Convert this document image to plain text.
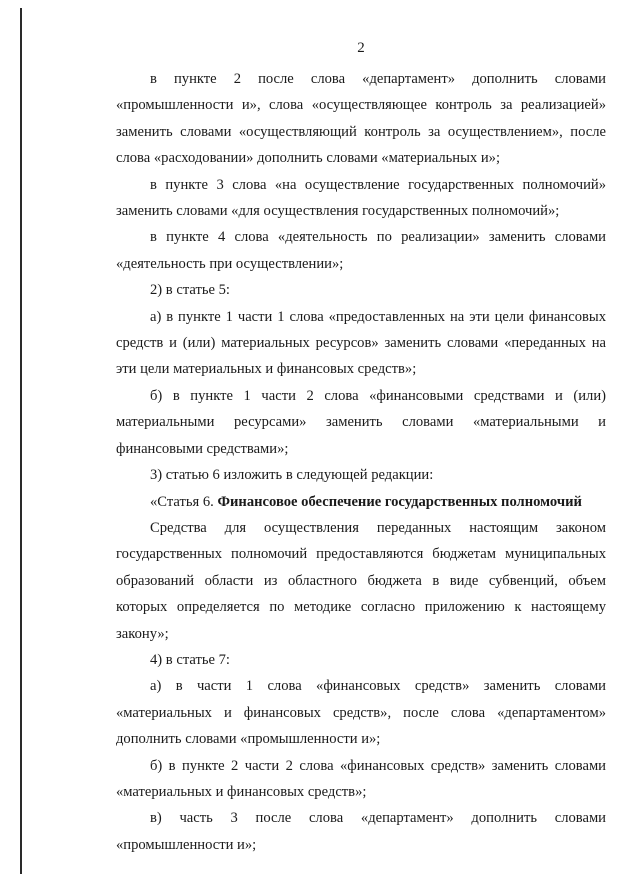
2

в пункте 2 после слова «департамент» дополнить словами «промышленности и», слова «осуществляющее контроль за реализацией» заменить словами «осуществляющий контроль за осуществлением», после слова «расходовании» дополнить словами «материальных и»;

в пункте 3 слова «на осуществление государственных полномочий» заменить словами «для осуществления государственных полномочий»;

в пункте 4 слова «деятельность по реализации» заменить словами «деятельность при осуществлении»;

2) в статье 5:

а) в пункте 1 части 1 слова «предоставленных на эти цели финансовых средств и (или) материальных ресурсов» заменить словами «переданных на эти цели материальных и финансовых средств»;

б) в пункте 1 части 2 слова «финансовыми средствами и (или) материальными ресурсами» заменить словами «материальными и финансовыми средствами»;

3) статью 6 изложить в следующей редакции:

«Статья 6. Финансовое обеспечение государственных полномочий

Средства для осуществления переданных настоящим законом государственных полномочий предоставляются бюджетам муниципальных образований области из областного бюджета в виде субвенций, объем которых определяется по методике согласно приложению к настоящему закону»;

4) в статье 7:

а) в части 1 слова «финансовых средств» заменить словами «материальных и финансовых средств», после слова «департаментом» дополнить словами «промышленности и»;

б) в пункте 2 части 2 слова «финансовых средств» заменить словами «материальных и финансовых средств»;

в) часть 3 после слова «департамент» дополнить словами «промышленности и»;
